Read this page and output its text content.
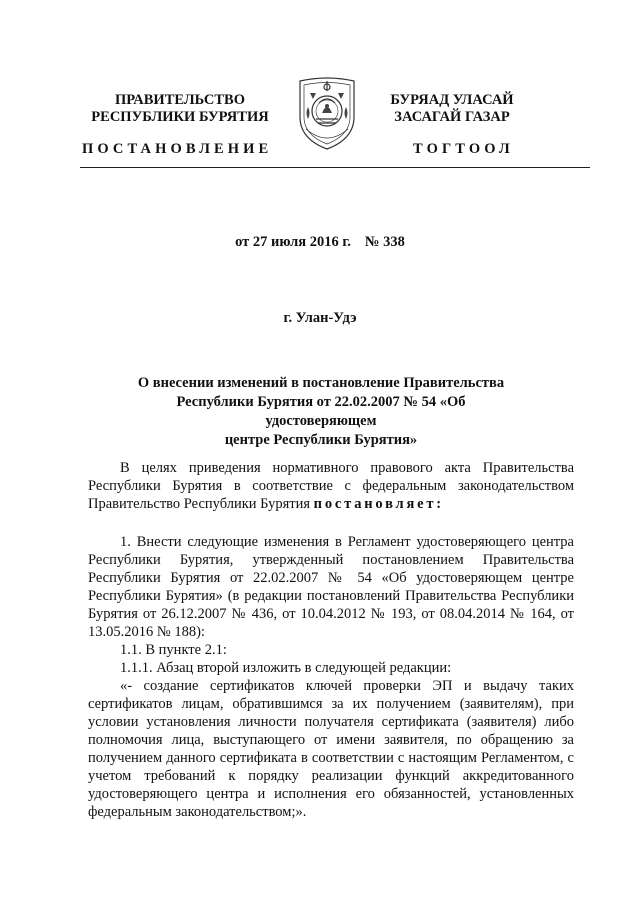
ПРАВИТЕЛЬСТВО
РЕСПУБЛИКИ БУРЯТИЯ
БУРЯАД УЛАСАЙ
ЗАСАГАЙ ГАЗАР
ПОСТАНОВЛЕНИЕ	ТОГТООЛ
от 27 июля 2016 г. № 338
г. Улан-Удэ
О внесении изменений в постановление Правительства
Республики Бурятия от 22.02.2007 № 54 «Об удостоверяющем
центре Республики Бурятия»

В целях приведения нормативного правового акта Правительства Республики Бурятия в соответствие с федеральным законодательством Правительство Республики Бурятия постановляет:

1. Внести следующие изменения в Регламент удостоверяющего центра Республики Бурятия, утвержденный постановлением Правительства Республики Бурятия от 22.02.2007 № 54 «Об удостоверяющем центре Республики Бурятия» (в редакции постановлений Правительства Республики Бурятия от 26.12.2007 № 436, от 10.04.2012 № 193, от 08.04.2014 № 164, от 13.05.2016 № 188):

1.1. В пункте 2.1:

1.1.1. Абзац второй изложить в следующей редакции:

«- создание сертификатов ключей проверки ЭП и выдачу таких сертификатов лицам, обратившимся за их получением (заявителям), при условии установления личности получателя сертификата (заявителя) либо полномочия лица, выступающего от имени заявителя, по обращению за получением данного сертификата в соответствии с настоящим Регламентом, с учетом требований к порядку реализации функций аккредитованного удостоверяющего центра и исполнения его обязанностей, установленных федеральным законодательством;».
